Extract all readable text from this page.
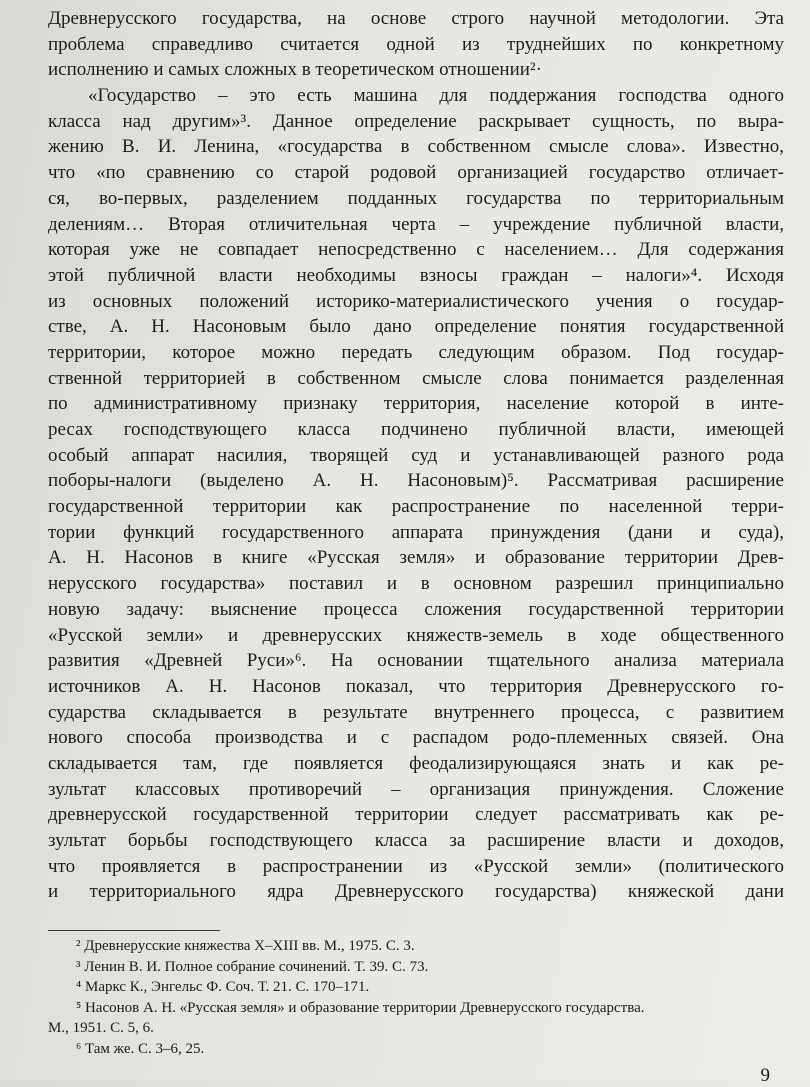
Древнерусского государства, на основе строго научной методологии. Эта
проблема справедливо считается одной из труднейших по конкретному
исполнению и самых сложных в теоретическом отношении²·
«Государство – это есть машина для поддержания господства одного
класса над другим»³. Данное определение раскрывает сущность, по выра-
жению В. И. Ленина, «государства в собственном смысле слова». Известно,
что «по сравнению со старой родовой организацией государство отличает-
ся, во-первых, разделением подданных государства по территориальным
делениям… Вторая отличительная черта – учреждение публичной власти,
которая уже не совпадает непосредственно с населением… Для содержания
этой публичной власти необходимы взносы граждан – налоги»⁴. Исходя
из основных положений историко-материалистического учения о государ-
стве, А. Н. Насоновым было дано определение понятия государственной
территории, которое можно передать следующим образом. Под государ-
ственной территорией в собственном смысле слова понимается разделенная
по административному признаку территория, население которой в инте-
ресах господствующего класса подчинено публичной власти, имеющей
особый аппарат насилия, творящей суд и устанавливающей разного рода
поборы-налоги (выделено А. Н. Насоновым)⁵. Рассматривая расширение
государственной территории как распространение по населенной терри-
тории функций государственного аппарата принуждения (дани и суда),
А. Н. Насонов в книге «Русская земля» и образование территории Древ-
нерусского государства» поставил и в основном разрешил принципиально
новую задачу: выяснение процесса сложения государственной территории
«Русской земли» и древнерусских княжеств-земель в ходе общественного
развития «Древней Руси»⁶. На основании тщательного анализа материала
источников А. Н. Насонов показал, что территория Древнерусского го-
сударства складывается в результате внутреннего процесса, с развитием
нового способа производства и с распадом родо-племенных связей. Она
складывается там, где появляется феодализирующаяся знать и как ре-
зультат классовых противоречий – организация принуждения. Сложение
древнерусской государственной территории следует рассматривать как ре-
зультат борьбы господствующего класса за расширение власти и доходов,
что проявляется в распространении из «Русской земли» (политического
и территориального ядра Древнерусского государства) княжеской дани
² Древнерусские княжества X–XIII вв. М., 1975. С. 3.
³ Ленин В. И. Полное собрание сочинений. Т. 39. С. 73.
⁴ Маркс К., Энгельс Ф. Соч. Т. 21. С. 170–171.
⁵ Насонов А. Н. «Русская земля» и образование территории Древнерусского государства.
М., 1951. С. 5, 6.
⁶ Там же. С. 3–6, 25.
9
